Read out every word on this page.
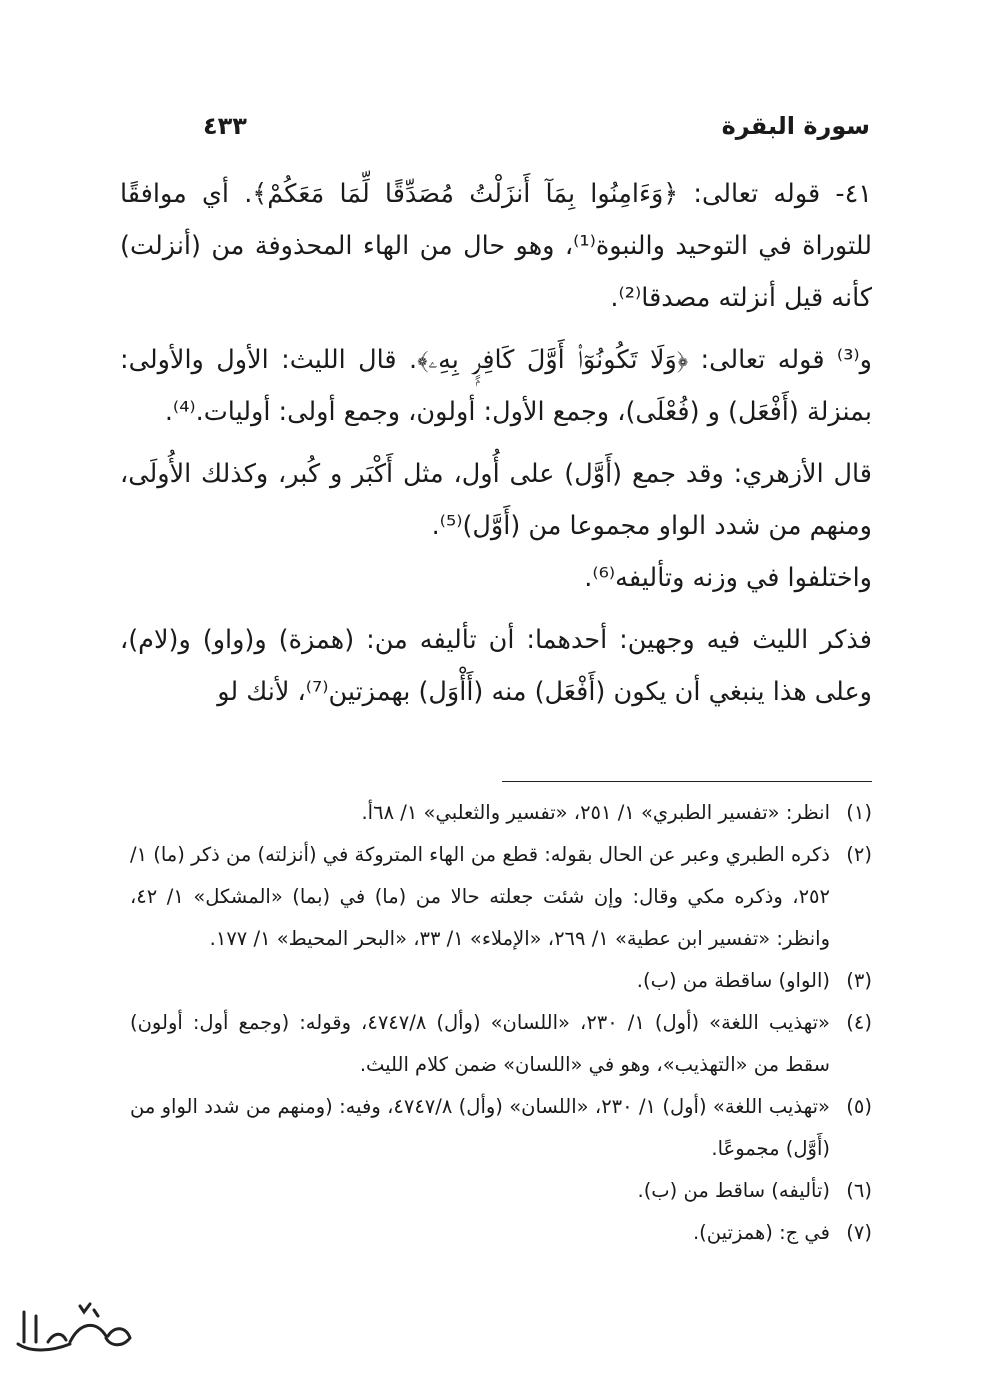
سورة البقرة
٤٣٣

٤١- قوله تعالى: ﴿وَءَامِنُوا بِمَآ أَنزَلْتُ مُصَدِّقًا لِّمَا مَعَكُمْ﴾. أي موافقًا للتوراة في التوحيد والنبوة⁽¹⁾، وهو حال من الهاء المحذوفة من (أنزلت) كأنه قيل أنزلته مصدقا⁽²⁾.

و⁽³⁾ قوله تعالى: ﴿وَلَا تَكُونُوٓا۟ أَوَّلَ كَافِرٍۭ بِهِۦ﴾. قال الليث: الأول والأولى: بمنزلة (أَفْعَل) و (فُعْلَى)، وجمع الأول: أولون، وجمع أولى: أوليات.⁽⁴⁾.

قال الأزهري: وقد جمع (أَوَّل) على أُول، مثل أَكْبَر و كُبر، وكذلك الأُولَى، ومنهم من شدد الواو مجموعا من (أَوَّل)⁽⁵⁾.

واختلفوا في وزنه وتأليفه⁽⁶⁾.

فذكر الليث فيه وجهين: أحدهما: أن تأليفه من: (همزة) و(واو) و(لام)، وعلى هذا ينبغي أن يكون (أَفْعَل) منه (أَأْوَل) بهمزتين⁽⁷⁾، لأنك لو

(١)
انظر: «تفسير الطبري» ١/ ٢٥١، «تفسير والثعلبي» ١/ ٦٨أ.

(٢)
ذكره الطبري وعبر عن الحال بقوله: قطع من الهاء المتروكة في (أنزلته) من ذكر (ما) ١/ ٢٥٢، وذكره مكي وقال: وإن شئت جعلته حالا من (ما) في (بما) «المشكل» ١/ ٤٢، وانظر: «تفسير ابن عطية» ١/ ٢٦٩، «الإملاء» ١/ ٣٣، «البحر المحيط» ١/ ١٧٧.

(٣)
(الواو) ساقطة من (ب).

(٤)
«تهذيب اللغة» (أول) ١/ ٢٣٠، «اللسان» (وأل) ٤٧٤٧/٨، وقوله: (وجمع أول: أولون) سقط من «التهذيب»، وهو في «اللسان» ضمن كلام الليث.

(٥)
«تهذيب اللغة» (أول) ١/ ٢٣٠، «اللسان» (وأل) ٤٧٤٧/٨، وفيه: (ومنهم من شدد الواو من (أَوَّل) مجموعًا.

(٦)
(تأليفه) ساقط من (ب).

(٧)
في ج: (همزتين).
